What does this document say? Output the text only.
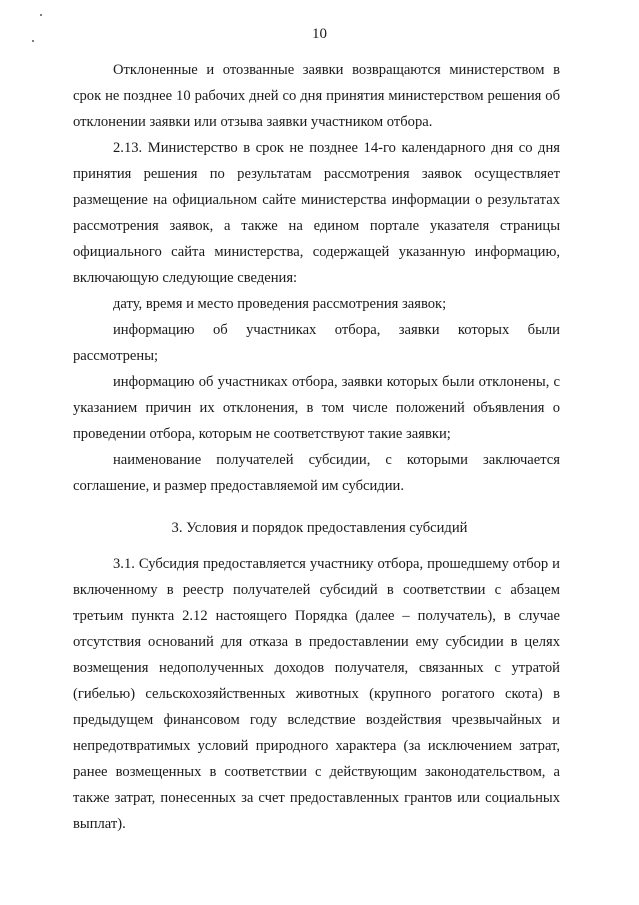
10

Отклоненные и отозванные заявки возвращаются министерством в срок не позднее 10 рабочих дней со дня принятия министерством решения об отклонении заявки или отзыва заявки участником отбора.

2.13. Министерство в срок не позднее 14-го календарного дня со дня принятия решения по результатам рассмотрения заявок осуществляет размещение на официальном сайте министерства информации о результатах рассмотрения заявок, а также на едином портале указателя страницы официального сайта министерства, содержащей указанную информацию, включающую следующие сведения:

дату, время и место проведения рассмотрения заявок;

информацию об участниках отбора, заявки которых были рассмотрены;

информацию об участниках отбора, заявки которых были отклонены, с указанием причин их отклонения, в том числе положений объявления о проведении отбора, которым не соответствуют такие заявки;

наименование получателей субсидии, с которыми заключается соглашение, и размер предоставляемой им субсидии.

3. Условия и порядок предоставления субсидий

3.1. Субсидия предоставляется участнику отбора, прошедшему отбор и включенному в реестр получателей субсидий в соответствии с абзацем третьим пункта 2.12 настоящего Порядка (далее – получатель), в случае отсутствия оснований для отказа в предоставлении ему субсидии в целях возмещения недополученных доходов получателя, связанных с утратой (гибелью) сельскохозяйственных животных (крупного рогатого скота) в предыдущем финансовом году вследствие воздействия чрезвычайных и непредотвратимых условий природного характера (за исключением затрат, ранее возмещенных в соответствии с действующим законодательством, а также затрат, понесенных за счет предоставленных грантов или социальных выплат).
